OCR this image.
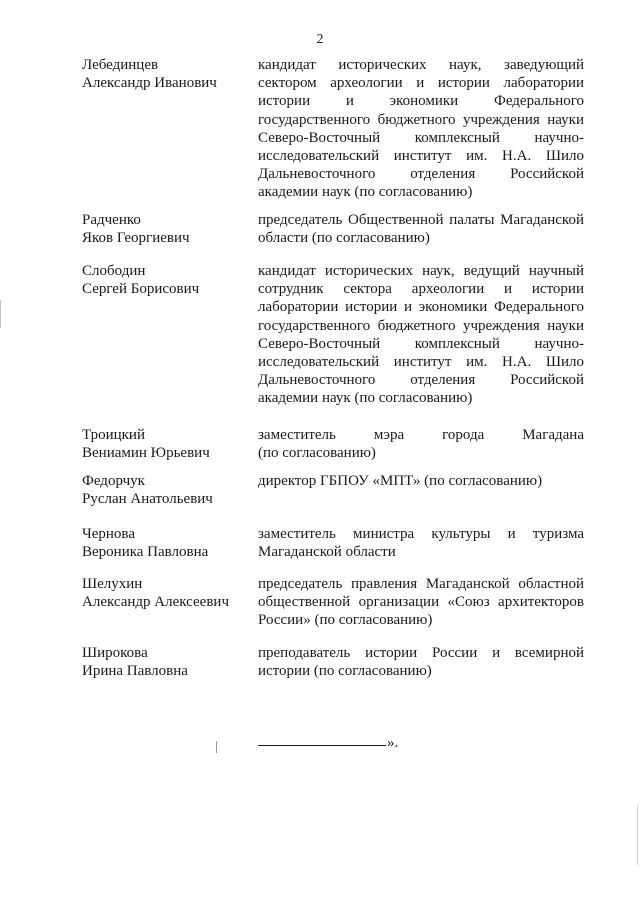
2
Лебединцев
Александр Иванович
кандидат исторических наук, заведующий
сектором археологии и истории лаборатории
истории и экономики Федерального
государственного бюджетного учреждения науки
Северо-Восточный комплексный научно-
исследовательский институт им. Н.А. Шило
Дальневосточного отделения Российской
академии наук (по согласованию)
Радченко
Яков Георгиевич
председатель Общественной палаты Магаданской
области (по согласованию)
Слободин
Сергей Борисович
кандидат исторических наук, ведущий научный
сотрудник сектора археологии и истории
лаборатории истории и экономики Федерального
государственного бюджетного учреждения науки
Северо-Восточный комплексный научно-
исследовательский институт им. Н.А. Шило
Дальневосточного отделения Российской
академии наук (по согласованию)
Троицкий
Вениамин Юрьевич
заместитель мэра города Магадана
(по согласованию)
Федорчук
Руслан Анатольевич
директор ГБПОУ «МПТ» (по согласованию)
Чернова
Вероника Павловна
заместитель министра культуры и туризма
Магаданской области
Шелухин
Александр Алексеевич
председатель правления Магаданской областной
общественной организации «Союз архитекторов
России» (по согласованию)
Широкова
Ирина Павловна
преподаватель истории России и всемирной
истории (по согласованию)
».
